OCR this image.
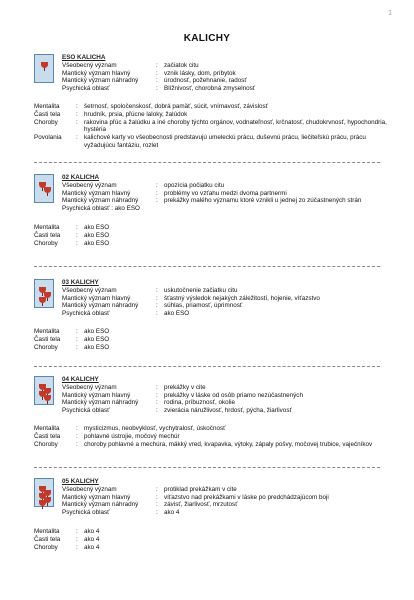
1
KALICHY
ESO KALICHA
Všeobecný význam	: začiatok citu
Mantický význam hlavný	: vznik lásky, dom, príbytok
Mantický význam náhradný	: úrodnosť, požehnanie, radosť
Psychická oblasť	: Blížnivosť, chorobná zmyselnosť
Mentalita	: šetrnosť, spoločenskosť, dobrá pamäť, súcit, vnímavosť, závislosť
Časti tela	: hrudník, prsia, pľúcne laloky, žalúdok
Choroby	: rakovina pľúc a žalúdku a iné choroby týchto orgánov, vodnateľnosť, krčnatosť, chudokrvnosť, hypochondria, hystéria
Povolania	: kalichové karty vo všeobecnosti predstavujú umeleckú prácu, duševnú prácu, liečiteľskú prácu, prácu vyžadujúcu fantáziu, rozlet
02 KALICHA
Všeobecný význam	: opozícia počiatku citu
Mantický význam hlavný	: problémy vo vzťahu medzi dvoma partnermi
Mantický význam náhradný	: prekážky malého významu ktoré vznikli u jednej zo zúčastnených strán
Psychická oblasť : ako ESO
Mentalita	: ako ESO
Časti tela	: ako ESO
Choroby	: ako ESO
03 KALICHY
Všeobecný význam	: uskutočnenie začiatku citu
Mantický význam hlavný	: šťastný výsledok nejakých záležitostí, hojenie, víťazstvo
Mantický význam náhradný	: súhlas, priamosť, úprimnosť
Psychická oblasť	: ako ESO
Mentalita	: ako ESO
Časti tela	: ako ESO
Choroby	: ako ESO
04 KALICHY
Všeobecný význam	: prekážky v cite
Mantický význam hlavný	: prekážky v láske od osôb priamo nezúčastnených
Mantický význam náhradný	: rodina, príbuznosť, okolie
Psychická oblasť	: zvierácia náružlivosť, hrdosť, pýcha, žiarlivosť
Mentalita	: mysticizmus, neobvyklosť, vychytralosť, úskočnosť
Časti tela	: pohlavné ústrojie, močový mechúr
Choroby	: choroby pohlavné a mechúra, mäkký vred, kvapavka, výtoky, zápaly pošvy, močovej trubice, vaječníkov
05 KALICHY
Všeobecný význam	: protiklad prekážkam v cite
Mantický význam hlavný	: víťazstvo nad prekážkami v láske po predchádzajúcom boji
Mantický význam náhradný	: závisť, žiarlivosť, mrzutosť
Psychická oblasť	: ako 4
Mentalita	: ako 4
Časti tela	: ako 4
Choroby	: ako 4
